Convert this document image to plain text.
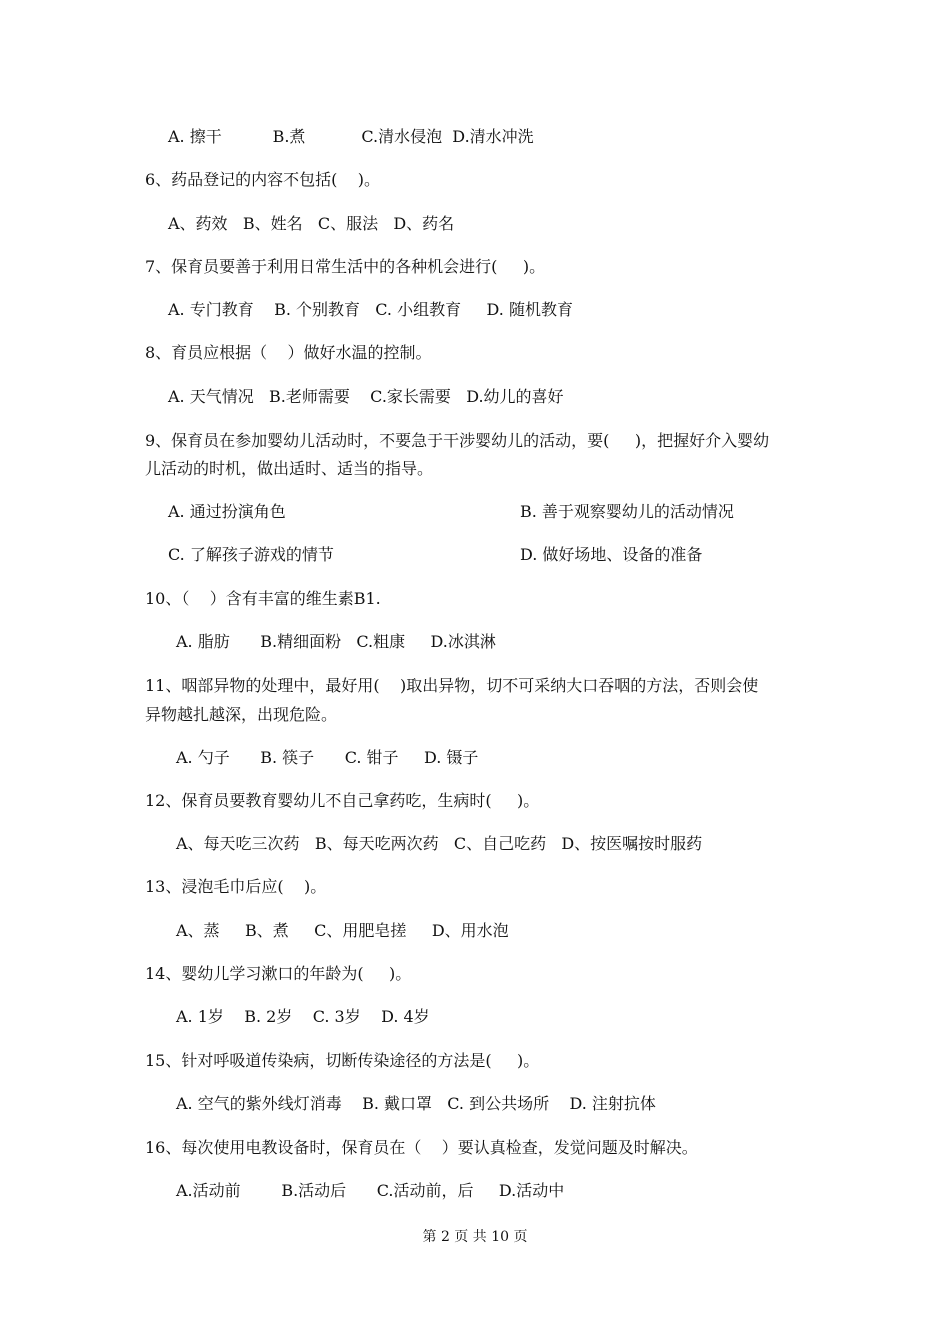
A. 擦干          B.煮           C.清水侵泡  D.清水冲洗
6、药品登记的内容不包括(    )。
A、药效   B、姓名   C、服法   D、药名
7、保育员要善于利用日常生活中的各种机会进行(     )。
A. 专门教育    B. 个别教育   C. 小组教育     D. 随机教育
8、育员应根据（    ）做好水温的控制。
A. 天气情况   B.老师需要    C.家长需要   D.幼儿的喜好
9、保育员在参加婴幼儿活动时，不要急于干涉婴幼儿的活动，要(     )，把握好介入婴幼
儿活动的时机，做出适时、适当的指导。
A. 通过扮演角色	B. 善于观察婴幼儿的活动情况
C. 了解孩子游戏的情节	D. 做好场地、设备的准备
10、（    ）含有丰富的维生素B1.
A. 脂肪      B.精细面粉   C.粗康     D.冰淇淋
11、咽部异物的处理中，最好用(    )取出异物，切不可采纳大口吞咽的方法，否则会使
异物越扎越深，出现危险。
A. 勺子      B. 筷子      C. 钳子     D. 镊子
12、保育员要教育婴幼儿不自己拿药吃，生病时(     )。
A、每天吃三次药   B、每天吃两次药   C、自己吃药   D、按医嘱按时服药
13、浸泡毛巾后应(    )。
A、蒸     B、煮     C、用肥皂搓     D、用水泡
14、婴幼儿学习漱口的年龄为(     )。
A. 1岁    B. 2岁    C. 3岁    D. 4岁
15、针对呼吸道传染病，切断传染途径的方法是(     )。
A. 空气的紫外线灯消毒    B. 戴口罩   C. 到公共场所    D. 注射抗体
16、每次使用电教设备时，保育员在（    ）要认真检查，发觉问题及时解决。
A.活动前        B.活动后      C.活动前，后     D.活动中
第 2 页 共 10 页
